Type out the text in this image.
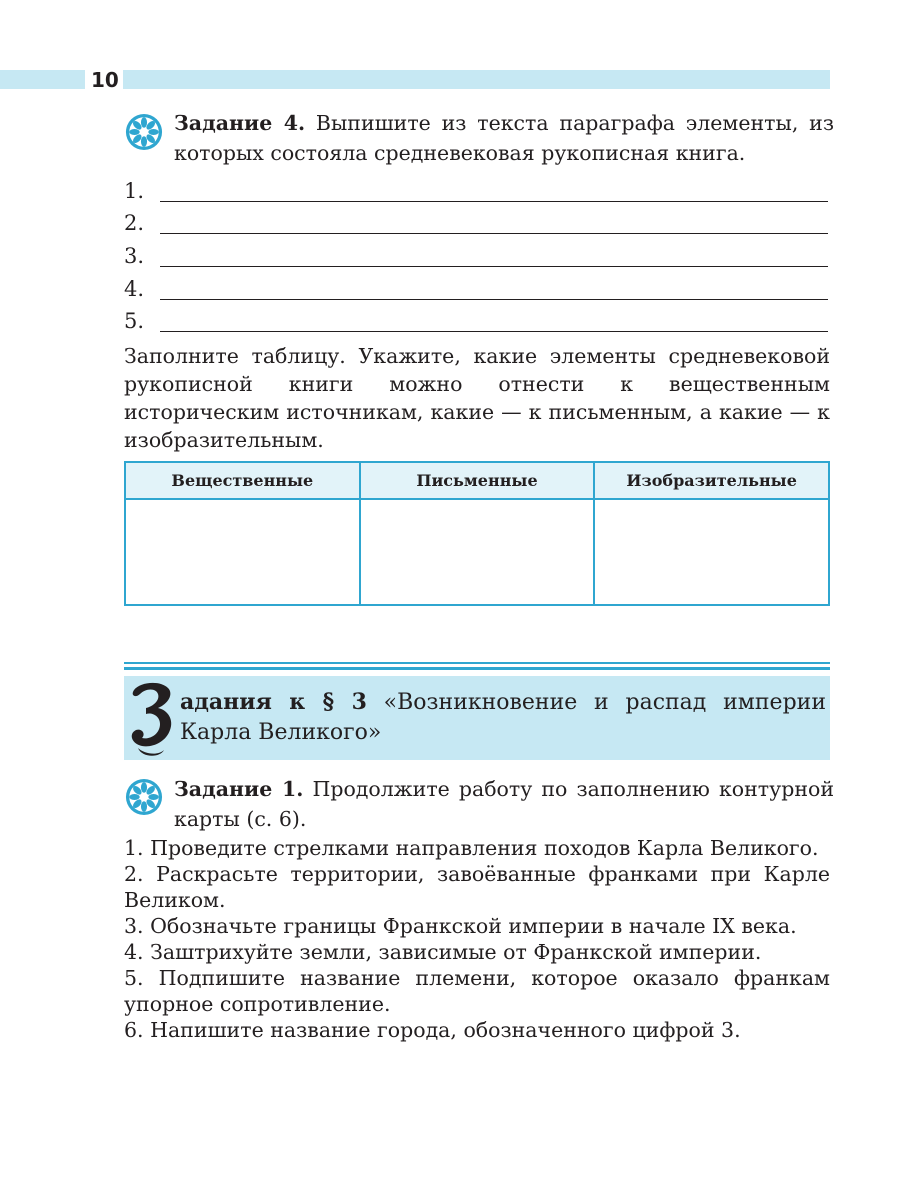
10
Задание 4. Выпишите из текста параграфа элементы, из которых состояла средневековая рукописная книга.
1.
2.
3.
4.
5.
Заполните таблицу. Укажите, какие элементы средневековой рукописной книги можно отнести к вещественным историческим источникам, какие — к письменным, а какие — к изобразительным.
Вещественные	Письменные	Изобразительные

адания к § 3 «Возникновение и распад империи Карла Великого»
Задание 1. Продолжите работу по заполнению контурной карты (с. 6).
1. Проведите стрелками направления походов Карла Великого.
2. Раскрасьте территории, завоёванные франками при Карле Великом.
3. Обозначьте границы Франкской империи в начале IX века.
4. Заштрихуйте земли, зависимые от Франкской империи.
5. Подпишите название племени, которое оказало франкам упорное сопротивление.
6. Напишите название города, обозначенного цифрой 3.
